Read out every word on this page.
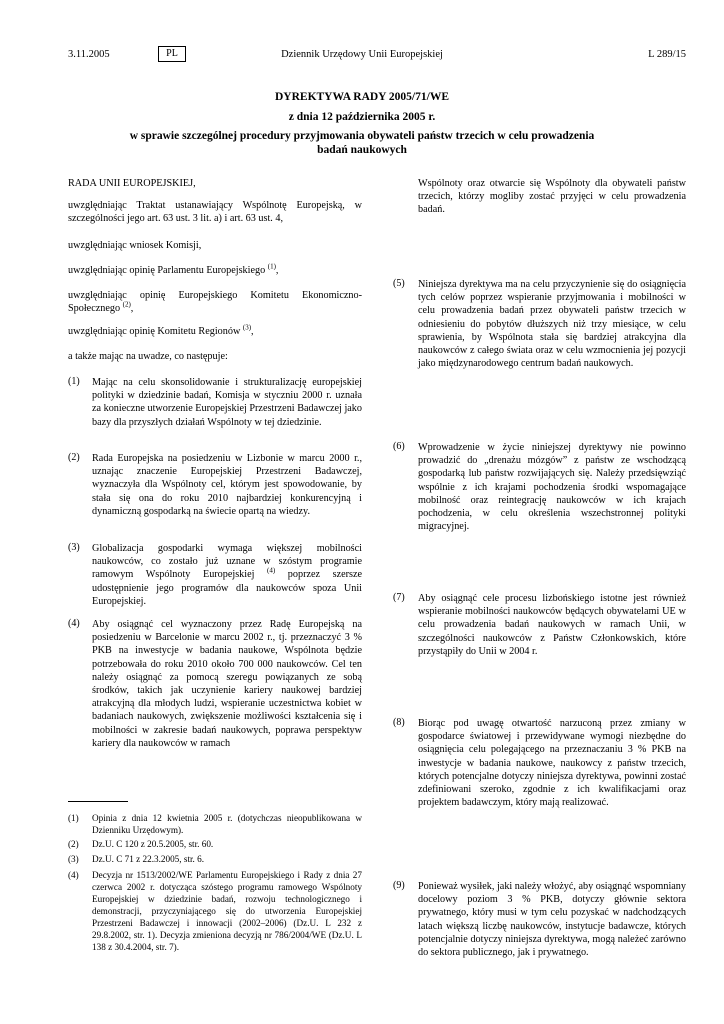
3.11.2005	PL	Dziennik Urzędowy Unii Europejskiej	L 289/15
DYREKTYWA RADY 2005/71/WE
z dnia 12 października 2005 r.
w sprawie szczególnej procedury przyjmowania obywateli państw trzecich w celu prowadzenia
badań naukowych
RADA UNII EUROPEJSKIEJ,
uwzględniając Traktat ustanawiający Wspólnotę Europejską, w szczególności jego art. 63 ust. 3 lit. a) i art. 63 ust. 4,
uwzględniając wniosek Komisji,
uwzględniając opinię Parlamentu Europejskiego $^{(1)}$,
uwzględniając opinię Europejskiego Komitetu Ekonomiczno-Społecznego $^{(2)}$,
uwzględniając opinię Komitetu Regionów $^{(3)}$,
a także mając na uwadze, co następuje:
(1) Mając na celu skonsolidowanie i strukturalizację europejskiej polityki w dziedzinie badań, Komisja w styczniu 2000 r. uznała za konieczne utworzenie Europejskiej Przestrzeni Badawczej jako bazy dla przyszłych działań Wspólnoty w tej dziedzinie.
(2) Rada Europejska na posiedzeniu w Lizbonie w marcu 2000 r., uznając znaczenie Europejskiej Przestrzeni Badawczej, wyznaczyła dla Wspólnoty cel, którym jest spowodowanie, by stała się ona do roku 2010 najbardziej konkurencyjną i dynamiczną gospodarką na świecie opartą na wiedzy.
(3) Globalizacja gospodarki wymaga większej mobilności naukowców, co zostało już uznane w szóstym programie ramowym Wspólnoty Europejskiej $^{(4)}$ poprzez szersze udostępnienie jego programów dla naukowców spoza Unii Europejskiej.
(4) Aby osiągnąć cel wyznaczony przez Radę Europejską na posiedzeniu w Barcelonie w marcu 2002 r., tj. przeznaczyć 3 % PKB na inwestycje w badania naukowe, Wspólnota będzie potrzebowała do roku 2010 około 700 000 naukowców. Cel ten należy osiągnąć za pomocą szeregu powiązanych ze sobą środków, takich jak uczynienie kariery naukowej bardziej atrakcyjną dla młodych ludzi, wspieranie uczestnictwa kobiet w badaniach naukowych, zwiększenie możliwości kształcenia się i mobilności w zakresie badań naukowych, poprawa perspektyw kariery dla naukowców w ramach
(1) Opinia z dnia 12 kwietnia 2005 r. (dotychczas nieopublikowana w Dzienniku Urzędowym).
(2) Dz.U. C 120 z 20.5.2005, str. 60.
(3) Dz.U. C 71 z 22.3.2005, str. 6.
(4) Decyzja nr 1513/2002/WE Parlamentu Europejskiego i Rady z dnia 27 czerwca 2002 r. dotycząca szóstego programu ramowego Wspólnoty Europejskiej w dziedzinie badań, rozwoju technologicznego i demonstracji, przyczyniającego się do utworzenia Europejskiej Przestrzeni Badawczej i innowacji (2002–2006) (Dz.U. L 232 z 29.8.2002, str. 1). Decyzja zmieniona decyzją nr 786/2004/WE (Dz.U. L 138 z 30.4.2004, str. 7).
Wspólnoty oraz otwarcie się Wspólnoty dla obywateli państw trzecich, którzy mogliby zostać przyjęci w celu prowadzenia badań.
(5) Niniejsza dyrektywa ma na celu przyczynienie się do osiągnięcia tych celów poprzez wspieranie przyjmowania i mobilności w celu prowadzenia badań przez obywateli państw trzecich w odniesieniu do pobytów dłuższych niż trzy miesiące, w celu sprawienia, by Wspólnota stała się bardziej atrakcyjna dla naukowców z całego świata oraz w celu wzmocnienia jej pozycji jako międzynarodowego centrum badań naukowych.
(6) Wprowadzenie w życie niniejszej dyrektywy nie powinno prowadzić do „drenażu mózgów” z państw ze wschodzącą gospodarką lub państw rozwijających się. Należy przedsięwziąć wspólnie z ich krajami pochodzenia środki wspomagające mobilność oraz reintegrację naukowców w ich krajach pochodzenia, w celu określenia wszechstronnej polityki migracyjnej.
(7) Aby osiągnąć cele procesu lizbońskiego istotne jest również wspieranie mobilności naukowców będących obywatelami UE w celu prowadzenia badań naukowych w ramach Unii, w szczególności naukowców z Państw Członkowskich, które przystąpiły do Unii w 2004 r.
(8) Biorąc pod uwagę otwartość narzuconą przez zmiany w gospodarce światowej i przewidywane wymogi niezbędne do osiągnięcia celu polegającego na przeznaczaniu 3 % PKB na inwestycje w badania naukowe, naukowcy z państw trzecich, których potencjalne dotyczy niniejsza dyrektywa, powinni zostać zdefiniowani szeroko, zgodnie z ich kwalifikacjami oraz projektem badawczym, który mają realizować.
(9) Ponieważ wysiłek, jaki należy włożyć, aby osiągnąć wspomniany docelowy poziom 3 % PKB, dotyczy głównie sektora prywatnego, który musi w tym celu pozyskać w nadchodzących latach większą liczbę naukowców, instytucje badawcze, których potencjalnie dotyczy niniejsza dyrektywa, mogą należeć zarówno do sektora publicznego, jak i prywatnego.
